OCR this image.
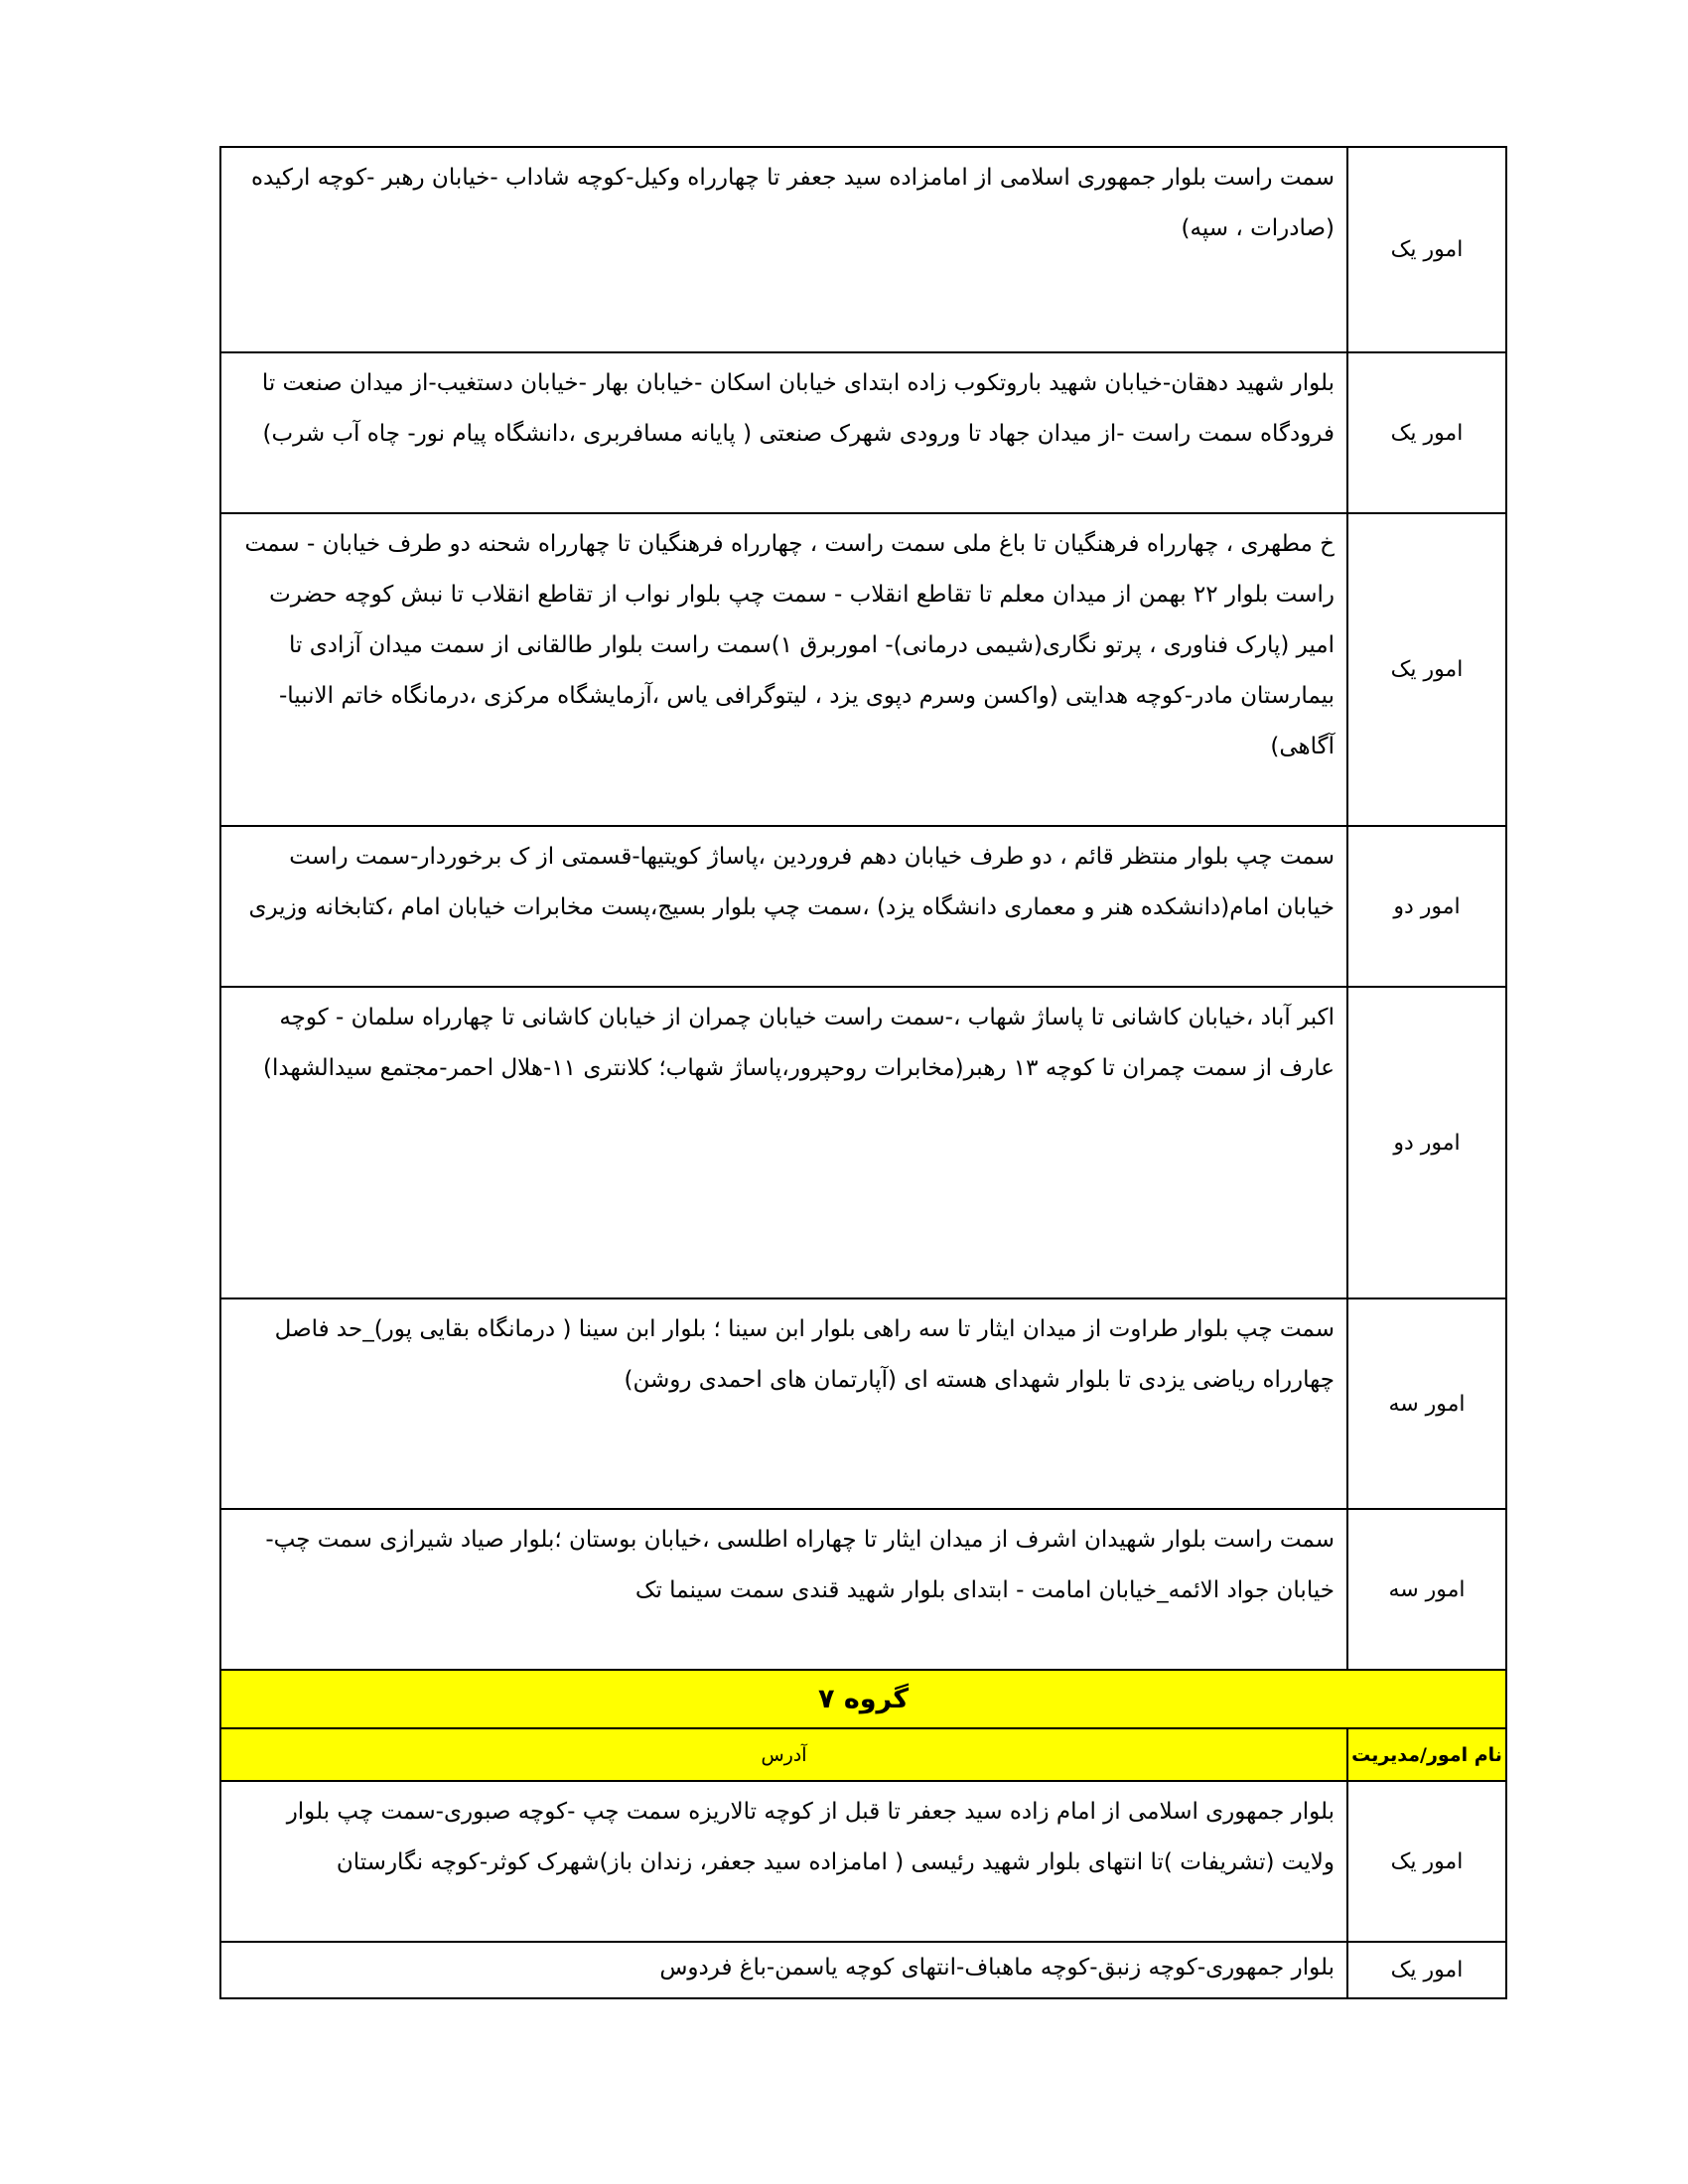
امور یک	سمت راست بلوار جمهوری اسلامی از امامزاده سید جعفر تا چهارراه وکیل-کوچه شاداب -خیابان رهبر -کوچه ارکیده (صادرات ، سپه)
امور یک	بلوار شهید دهقان-خیابان شهید باروتکوب زاده ابتدای خیابان اسکان -خیابان بهار -خیابان دستغیب-از میدان صنعت تا فرودگاه سمت راست -از میدان جهاد تا ورودی شهرک صنعتی ( پایانه مسافربری ،دانشگاه پیام نور- چاه آب شرب)
امور یک	خ مطهری ، چهارراه فرهنگیان تا باغ ملی سمت راست ، چهارراه فرهنگیان تا چهارراه شحنه دو طرف خیابان - سمت راست بلوار ۲۲ بهمن از میدان معلم تا تقاطع انقلاب - سمت چپ بلوار نواب از تقاطع انقلاب تا نبش کوچه حضرت امیر (پارک فناوری ، پرتو نگاری(شیمی درمانی)- اموربرق ۱)سمت راست بلوار طالقانی از سمت میدان آزادی تا بیمارستان مادر-کوچه هدایتی (واکسن وسرم دپوی یزد ، لیتوگرافی یاس ،آزمایشگاه مرکزی ،درمانگاه خاتم الانبیا-آگاهی)
امور دو	سمت چپ بلوار منتظر قائم ، دو طرف خیابان دهم فروردین ،پاساژ کویتیها-قسمتی از ک برخوردار-سمت راست خیابان امام(دانشکده هنر و معماری دانشگاه یزد) ،سمت چپ بلوار بسیج،پست مخابرات خیابان امام ،کتابخانه وزیری
امور دو	اکبر آباد ،خیابان کاشانی تا پاساژ شهاب ،-سمت راست خیابان چمران از خیابان کاشانی تا چهارراه سلمان - کوچه عارف از سمت چمران تا کوچه ۱۳ رهبر(مخابرات روحپرور،پاساژ شهاب؛ کلانتری ۱۱-هلال احمر-مجتمع سیدالشهدا)
امور سه	سمت چپ بلوار طراوت از میدان ایثار تا سه راهی بلوار ابن سینا ؛ بلوار ابن سینا ( درمانگاه بقایی پور)_حد فاصل چهارراه ریاضی یزدی تا بلوار شهدای هسته ای (آپارتمان های احمدی روشن)
امور سه	سمت راست بلوار شهیدان اشرف از میدان ایثار تا چهاراه اطلسی ،خیابان بوستان ؛بلوار صیاد شیرازی سمت چپ-خیابان جواد الائمه_خیابان امامت - ابتدای بلوار شهید قندی سمت سینما تک
گروه ۷	
نام امور/مدیریت	آدرس
امور یک	بلوار جمهوری اسلامی از امام زاده سید جعفر تا قبل از کوچه تالاریزه سمت چپ -کوچه صبوری-سمت چپ بلوار ولایت (تشریفات )تا انتهای بلوار شهید رئیسی ( امامزاده سید جعفر، زندان باز)شهرک کوثر-کوچه نگارستان
امور یک	بلوار جمهوری-کوچه زنبق-کوچه ماهباف-انتهای کوچه یاسمن-باغ فردوس
